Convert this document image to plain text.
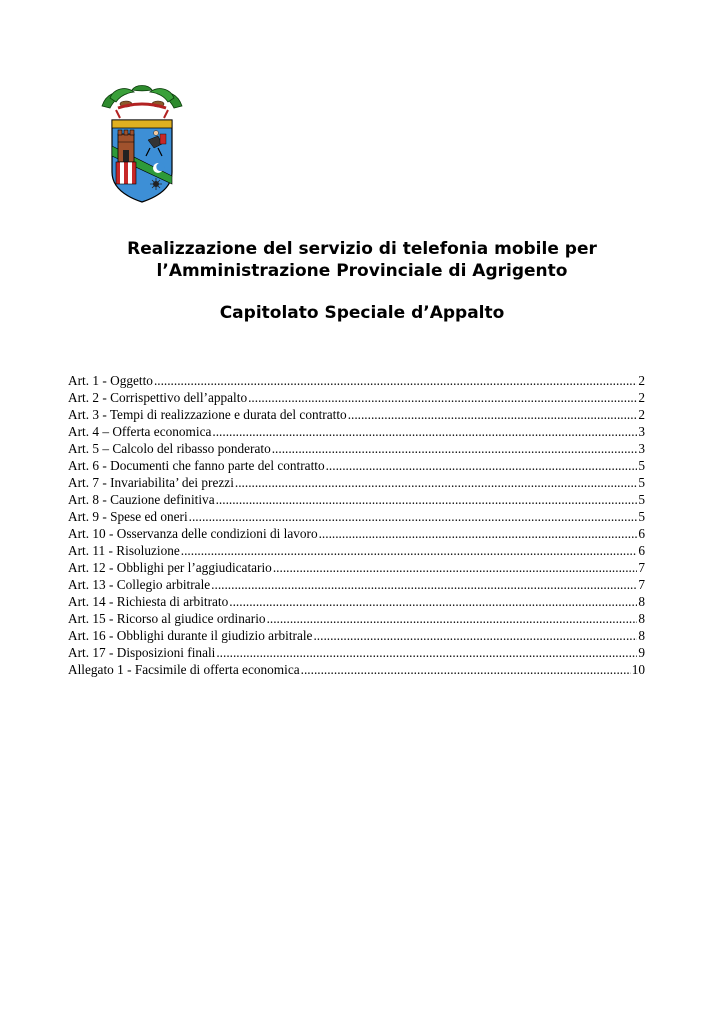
Realizzazione del servizio di telefonia mobile per
l’Amministrazione Provinciale di Agrigento
Capitolato Speciale d’Appalto
Art. 1 - Oggetto .....	2
Art. 2 - Corrispettivo dell’appalto .....	2
Art. 3 - Tempi di realizzazione e durata del contratto .....	2
Art. 4 – Offerta economica .....	3
Art. 5 – Calcolo del ribasso ponderato .....	3
Art. 6 - Documenti che fanno parte del contratto .....	5
Art. 7 - Invariabilita’ dei prezzi .....	5
Art. 8 - Cauzione definitiva .....	5
Art. 9 - Spese ed oneri .....	5
Art. 10 - Osservanza delle condizioni di lavoro .....	6
Art. 11 - Risoluzione .....	6
Art. 12 - Obblighi per l’aggiudicatario .....	7
Art. 13 - Collegio arbitrale .....	7
Art. 14 - Richiesta di arbitrato .....	8
Art. 15 - Ricorso al giudice ordinario .....	8
Art. 16 - Obblighi durante il giudizio arbitrale .....	8
Art. 17 - Disposizioni finali .....	9
Allegato 1 - Facsimile di offerta economica .....	10
